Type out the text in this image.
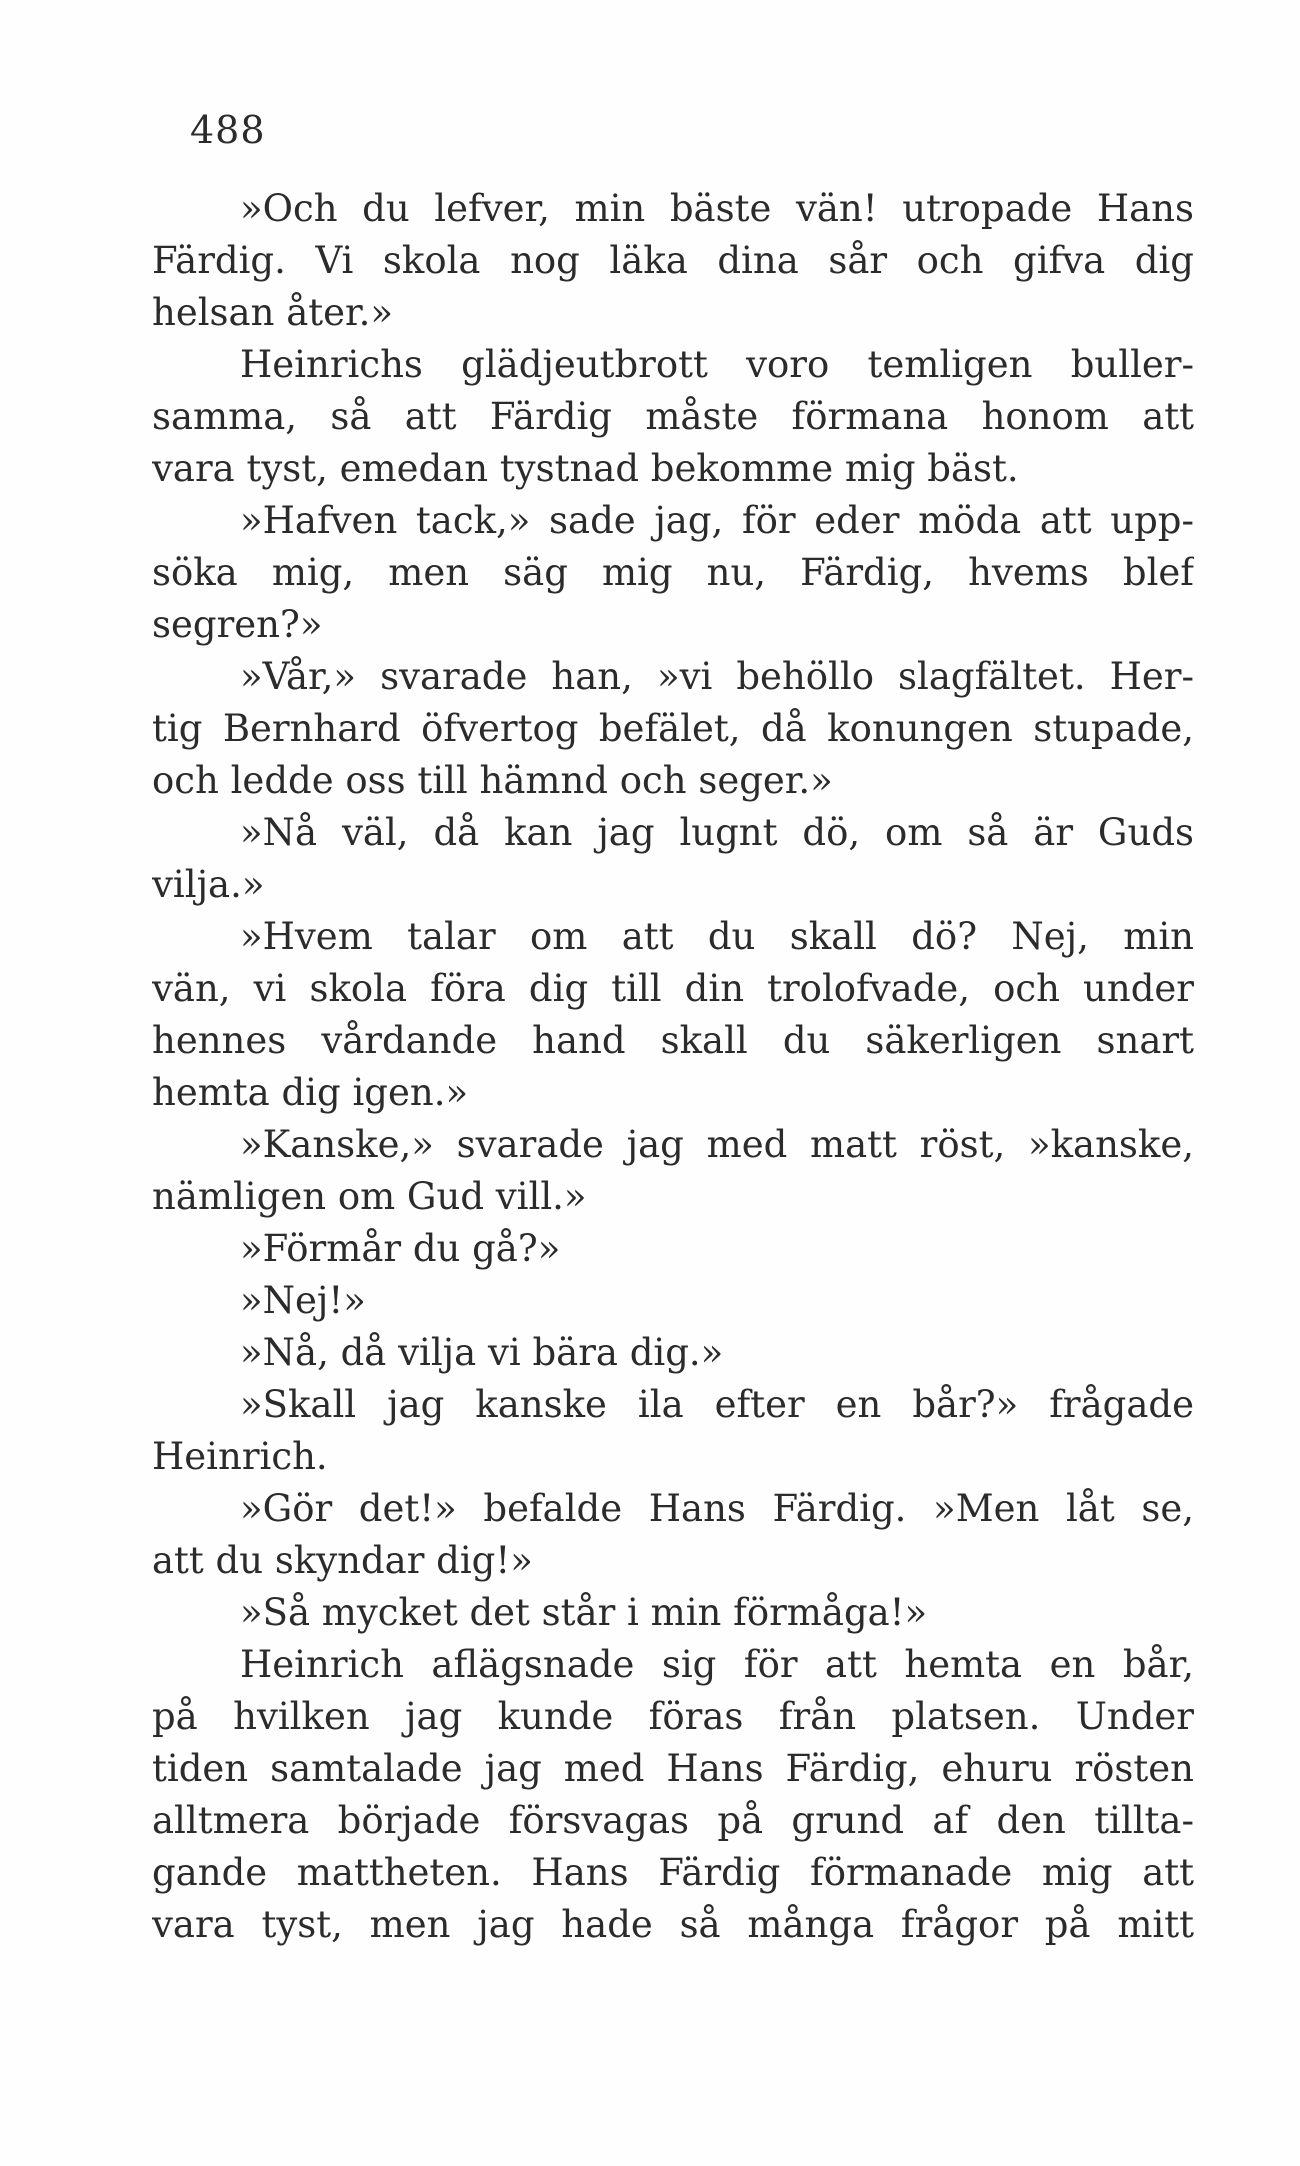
488
»Och du lefver, min bäste vän! utropade Hans
Färdig. Vi skola nog läka dina sår och gifva dig
helsan åter.»
Heinrichs glädjeutbrott voro temligen buller-
samma, så att Färdig måste förmana honom att
vara tyst, emedan tystnad bekomme mig bäst.
»Hafven tack,» sade jag, för eder möda att upp-
söka mig, men säg mig nu, Färdig, hvems blef
segren?»
»Vår,» svarade han, »vi behöllo slagfältet. Her-
tig Bernhard öfvertog befälet, då konungen stupade,
och ledde oss till hämnd och seger.»
»Nå väl, då kan jag lugnt dö, om så är Guds
vilja.»
»Hvem talar om att du skall dö? Nej, min
vän, vi skola föra dig till din trolofvade, och under
hennes vårdande hand skall du säkerligen snart
hemta dig igen.»
»Kanske,» svarade jag med matt röst, »kanske,
nämligen om Gud vill.»
»Förmår du gå?»
»Nej!»
»Nå, då vilja vi bära dig.»
»Skall jag kanske ila efter en bår?» frågade
Heinrich.
»Gör det!» befalde Hans Färdig. »Men låt se,
att du skyndar dig!»
»Så mycket det står i min förmåga!»
Heinrich aflägsnade sig för att hemta en bår,
på hvilken jag kunde föras från platsen. Under
tiden samtalade jag med Hans Färdig, ehuru rösten
alltmera började försvagas på grund af den tillta-
gande mattheten. Hans Färdig förmanade mig att
vara tyst, men jag hade så många frågor på mitt
